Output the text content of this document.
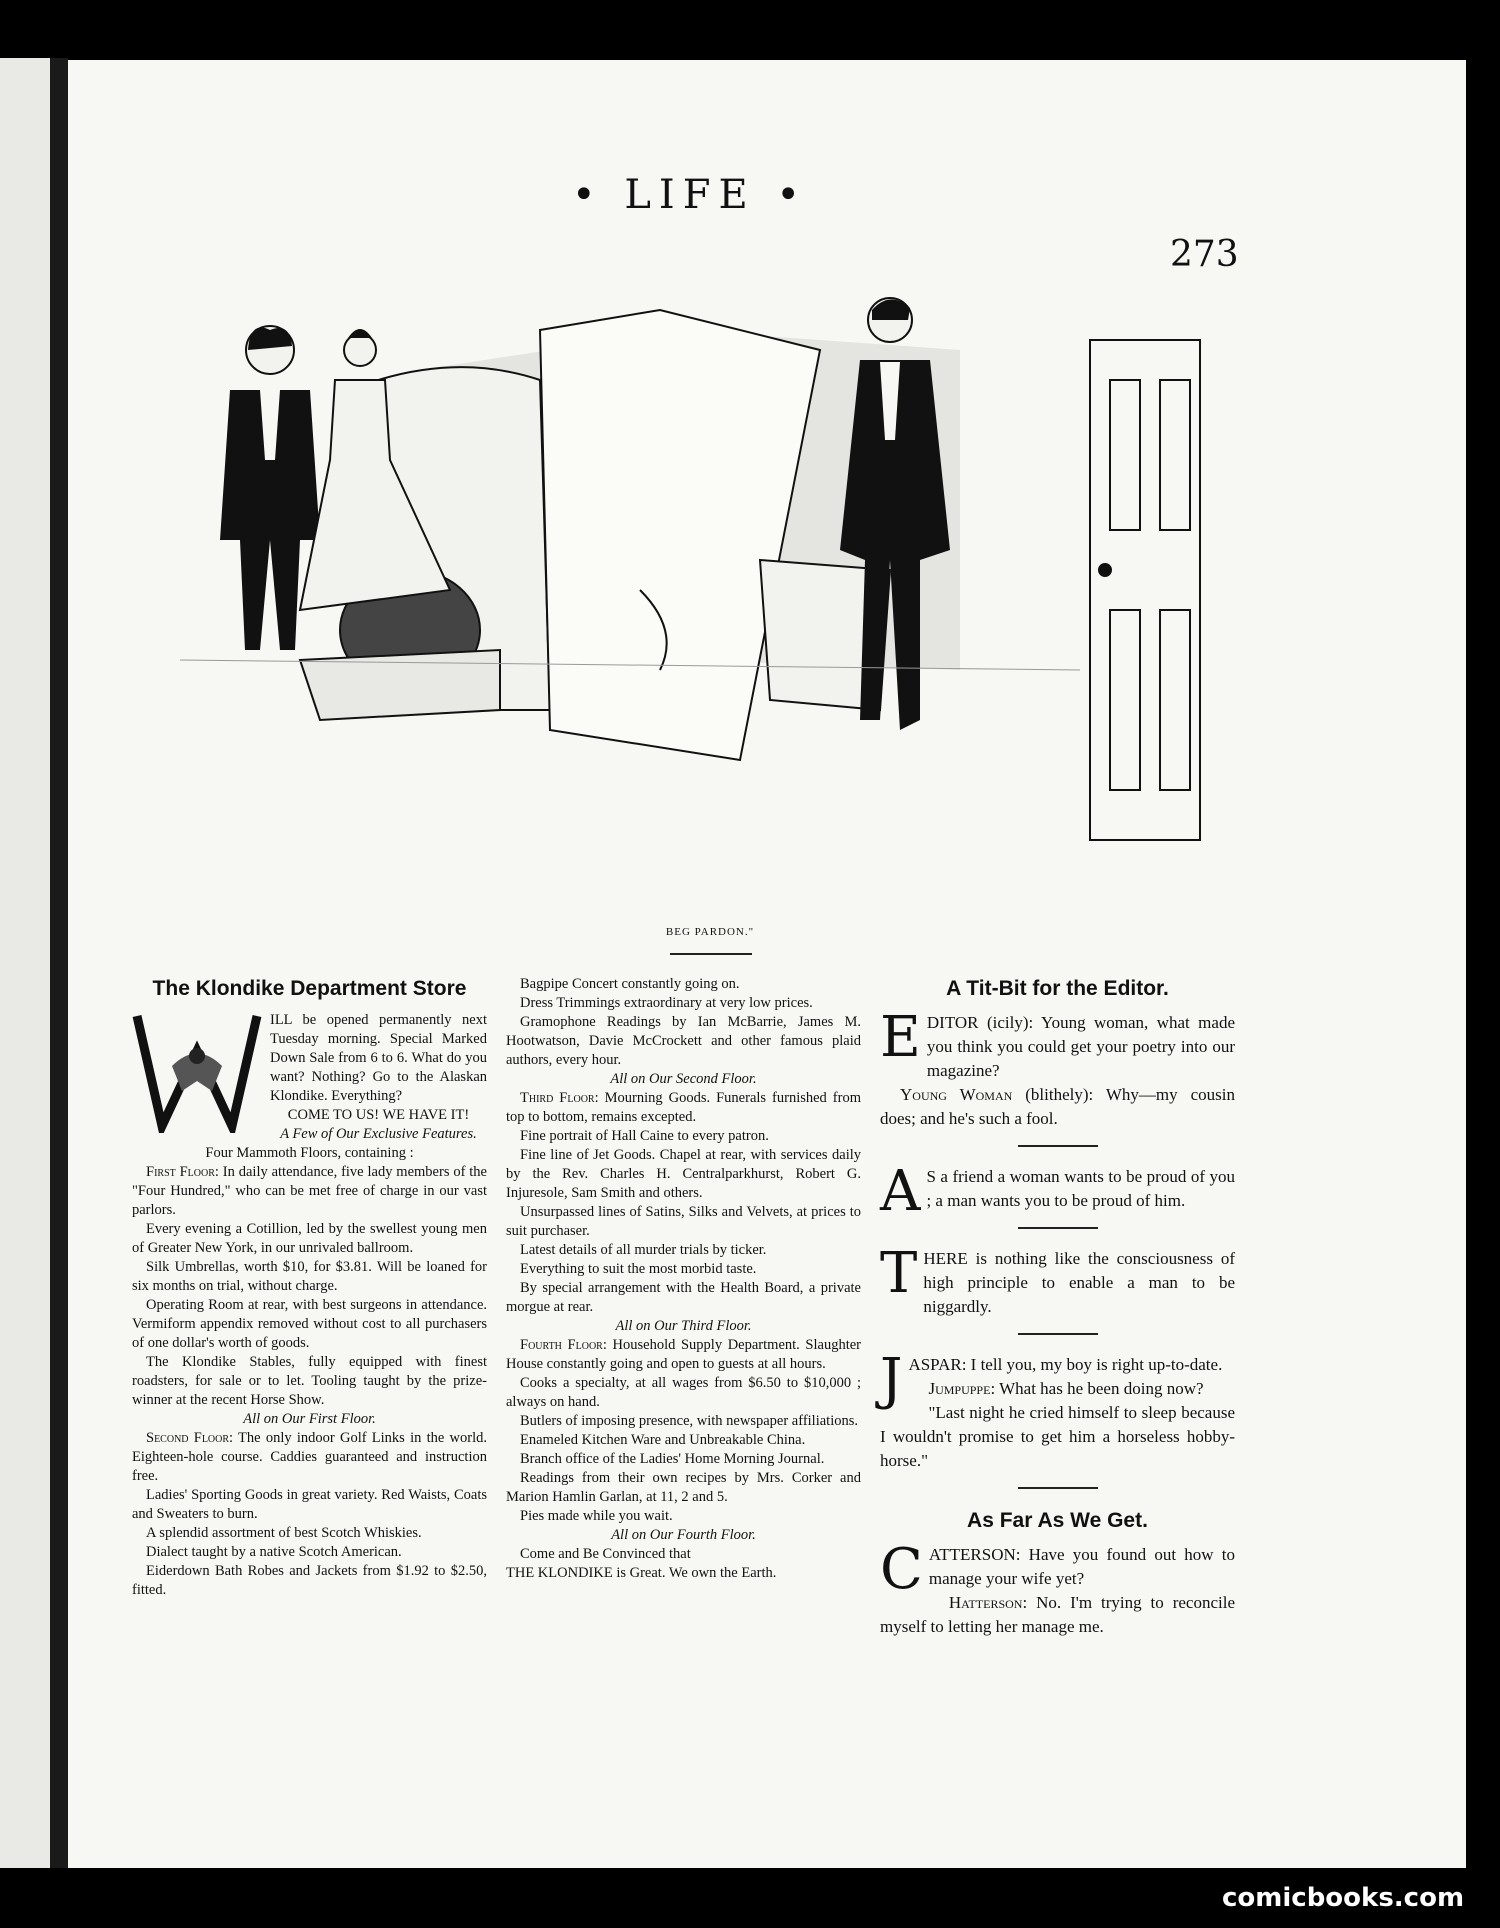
• LIFE •
273
BEG PARDON."
The Klondike Department Store

ILL be opened permanently next Tuesday morning. Special Marked Down Sale from 6 to 6. What do you want? Nothing? Go to the Alaskan Klondike. Everything?

COME TO US! WE HAVE IT!

A Few of Our Exclusive Features.

Four Mammoth Floors, containing :

First Floor: In daily attendance, five lady members of the "Four Hundred," who can be met free of charge in our vast parlors.

Every evening a Cotillion, led by the swellest young men of Greater New York, in our unrivaled ballroom.

Silk Umbrellas, worth $10, for $3.81. Will be loaned for six months on trial, without charge.

Operating Room at rear, with best surgeons in attendance. Vermiform appendix removed without cost to all purchasers of one dollar's worth of goods.

The Klondike Stables, fully equipped with finest roadsters, for sale or to let. Tooling taught by the prize-winner at the recent Horse Show.

All on Our First Floor.

Second Floor: The only indoor Golf Links in the world. Eighteen-hole course. Caddies guaranteed and instruction free.

Ladies' Sporting Goods in great variety. Red Waists, Coats and Sweaters to burn.

A splendid assortment of best Scotch Whiskies.

Dialect taught by a native Scotch American.

Eiderdown Bath Robes and Jackets from $1.92 to $2.50, fitted.

Bagpipe Concert constantly going on.

Dress Trimmings extraordinary at very low prices.

Gramophone Readings by Ian McBarrie, James M. Hootwatson, Davie McCrockett and other famous plaid authors, every hour.

All on Our Second Floor.

Third Floor: Mourning Goods. Funerals furnished from top to bottom, remains excepted.

Fine portrait of Hall Caine to every patron.

Fine line of Jet Goods. Chapel at rear, with services daily by the Rev. Charles H. Centralparkhurst, Robert G. Injuresole, Sam Smith and others.

Unsurpassed lines of Satins, Silks and Velvets, at prices to suit purchaser.

Latest details of all murder trials by ticker.

Everything to suit the most morbid taste.

By special arrangement with the Health Board, a private morgue at rear.

All on Our Third Floor.

Fourth Floor: Household Supply Department. Slaughter House constantly going and open to guests at all hours.

Cooks a specialty, at all wages from $6.50 to $10,000 ; always on hand.

Butlers of imposing presence, with newspaper affiliations.

Enameled Kitchen Ware and Unbreakable China.

Branch office of the Ladies' Home Morning Journal.

Readings from their own recipes by Mrs. Corker and Marion Hamlin Garlan, at 11, 2 and 5.

Pies made while you wait.

All on Our Fourth Floor.

Come and Be Convinced that

THE KLONDIKE is Great. We own the Earth.

A Tit-Bit for the Editor.

EDITOR (icily): Young woman, what made you think you could get your poetry into our magazine?

Young Woman (blithely): Why—my cousin does; and he's such a fool.

A S a friend a woman wants to be proud of you ; a man wants you to be proud of him.

THERE is nothing like the consciousness of high principle to enable a man to be niggardly.

JASPAR: I tell you, my boy is right up-to-date.

Jumpuppe: What has he been doing now?

"Last night he cried himself to sleep because I wouldn't promise to get him a horseless hobby-horse."

As Far As We Get.

CATTERSON: Have you found out how to manage your wife yet?

Hatterson: No. I'm trying to reconcile myself to letting her manage me.

comicbooks.com
